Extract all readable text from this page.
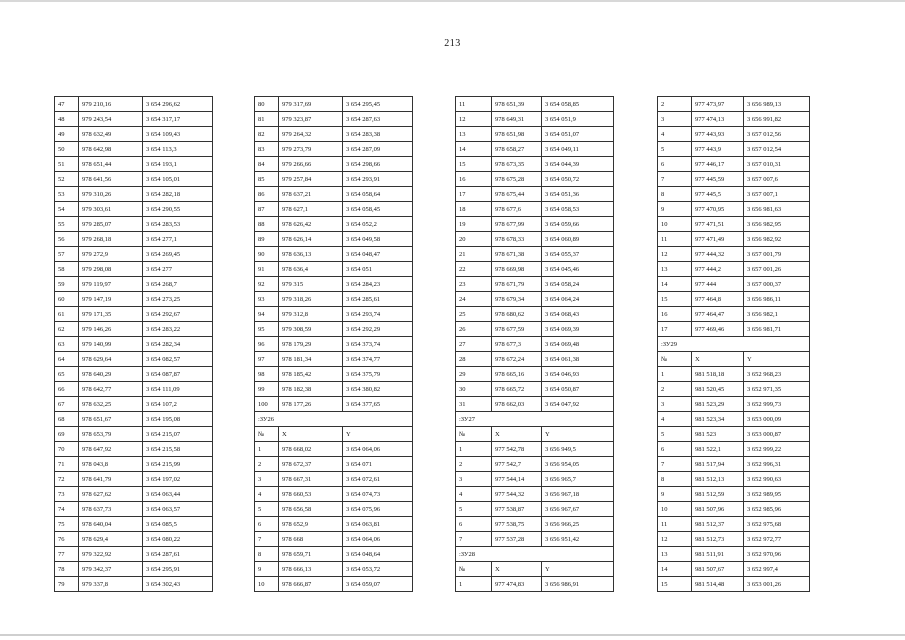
213
47	979 210,16	3 654 296,62
48	979 243,54	3 654 317,17
49	978 632,49	3 654 109,43
50	978 642,98	3 654 113,3
51	978 651,44	3 654 193,1
52	978 641,56	3 654 105,01
53	979 310,26	3 654 282,18
54	979 303,61	3 654 290,55
55	979 285,07	3 654 283,53
56	979 268,18	3 654 277,1
57	979 272,9	3 654 269,45
58	979 298,08	3 654 277
59	979 119,97	3 654 268,7
60	979 147,19	3 654 273,25
61	979 171,35	3 654 292,67
62	979 146,26	3 654 283,22
63	979 140,99	3 654 282,34
64	978 629,64	3 654 082,57
65	978 640,29	3 654 087,87
66	978 642,77	3 654 111,09
67	978 632,25	3 654 107,2
68	978 651,67	3 654 195,08
69	978 653,79	3 654 215,07
70	978 647,92	3 654 215,58
71	978 043,8	3 654 215,99
72	978 641,79	3 654 197,02
73	978 627,62	3 654 063,44
74	978 637,73	3 654 063,57
75	978 640,04	3 654 085,5
76	978 629,4	3 654 080,22
77	979 322,92	3 654 287,61
78	979 342,37	3 654 295,91
79	979 337,8	3 654 302,43
80	979 317,69	3 654 295,45
81	979 323,87	3 654 287,63
82	979 264,32	3 654 283,38
83	979 273,79	3 654 287,09
84	979 266,66	3 654 298,66
85	979 257,84	3 654 293,91
86	978 637,21	3 654 058,64
87	978 627,1	3 654 058,45
88	978 626,42	3 654 052,2
89	978 626,14	3 654 049,58
90	978 636,13	3 654 048,47
91	978 636,4	3 654 051
92	979 315	3 654 284,23
93	979 318,26	3 654 285,61
94	979 312,8	3 654 293,74
95	979 308,59	3 654 292,29
96	978 179,29	3 654 373,74
97	978 181,34	3 654 374,77
98	978 185,42	3 654 375,79
99	978 182,38	3 654 380,82
100	978 177,26	3 654 377,65
:ЗУ26		
№	X	Y
1	978 668,02	3 654 064,06
2	978 672,37	3 654 071
3	978 667,31	3 654 072,61
4	978 660,53	3 654 074,73
5	978 656,58	3 654 075,96
6	978 652,9	3 654 063,81
7	978 668	3 654 064,06
8	978 659,71	3 654 048,64
9	978 666,13	3 654 053,72
10	978 666,87	3 654 059,07
11	978 651,39	3 654 058,85
12	978 649,31	3 654 051,9
13	978 651,98	3 654 051,07
14	978 658,27	3 654 049,11
15	978 673,35	3 654 044,39
16	978 675,28	3 654 050,72
17	978 675,44	3 654 051,36
18	978 677,6	3 654 058,53
19	978 677,99	3 654 059,66
20	978 678,33	3 654 060,89
21	978 671,38	3 654 055,37
22	978 669,98	3 654 045,46
23	978 671,79	3 654 058,24
24	978 679,34	3 654 064,24
25	978 680,62	3 654 068,43
26	978 677,59	3 654 069,39
27	978 677,3	3 654 069,48
28	978 672,24	3 654 061,38
29	978 665,16	3 654 046,93
30	978 665,72	3 654 050,87
31	978 662,03	3 654 047,92
:ЗУ27		
№	X	Y
1	977 542,78	3 656 949,5
2	977 542,7	3 656 954,05
3	977 544,14	3 656 965,7
4	977 544,32	3 656 967,18
5	977 538,87	3 656 967,67
6	977 538,75	3 656 966,25
7	977 537,28	3 656 951,42
:ЗУ28		
№	X	Y
1	977 474,83	3 656 986,91
2	977 473,97	3 656 989,13
3	977 474,13	3 656 991,82
4	977 443,93	3 657 012,56
5	977 443,9	3 657 012,54
6	977 446,17	3 657 010,31
7	977 445,59	3 657 007,6
8	977 445,5	3 657 007,1
9	977 470,95	3 656 981,63
10	977 471,51	3 656 982,95
11	977 471,49	3 656 982,92
12	977 444,32	3 657 001,79
13	977 444,2	3 657 001,26
14	977 444	3 657 000,37
15	977 464,8	3 656 986,11
16	977 464,47	3 656 982,1
17	977 469,46	3 656 981,71
:ЗУ29		
№	X	Y
1	981 518,18	3 652 968,23
2	981 520,45	3 652 971,35
3	981 523,29	3 652 999,73
4	981 523,34	3 653 000,09
5	981 523	3 653 000,87
6	981 522,1	3 652 999,22
7	981 517,94	3 652 996,31
8	981 512,13	3 652 990,63
9	981 512,59	3 652 989,95
10	981 507,96	3 652 985,96
11	981 512,37	3 652 975,68
12	981 512,73	3 652 972,77
13	981 511,91	3 652 970,96
14	981 507,67	3 652 997,4
15	981 514,48	3 653 001,26
